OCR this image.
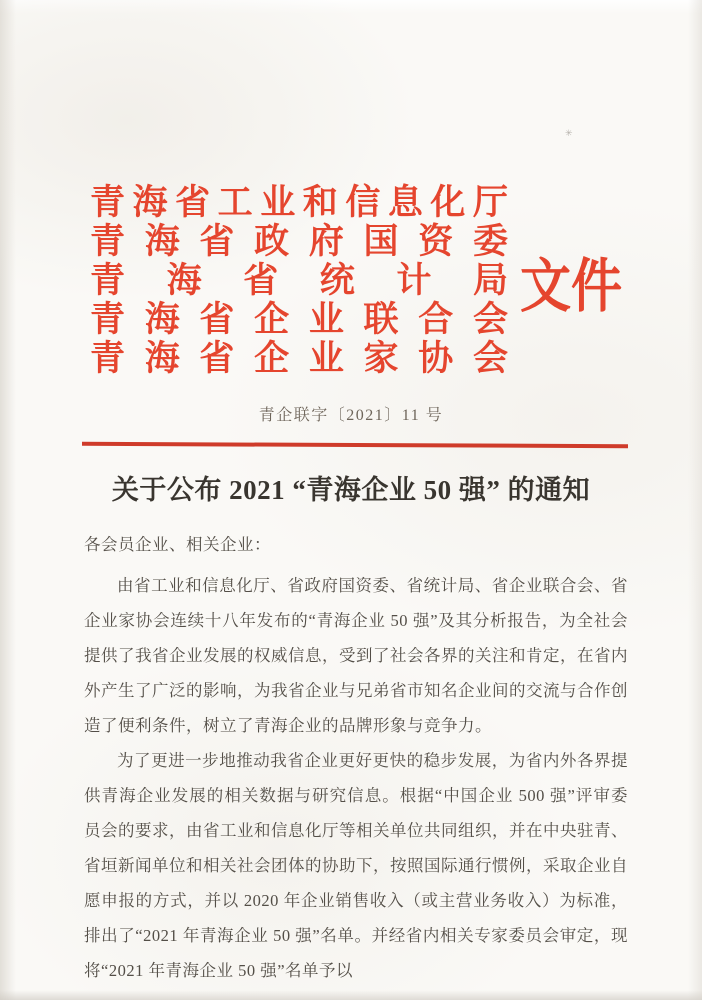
✳
青海省工业和信息化厅
青海省政府国资委
青海省统计局
青海省企业联合会
青海省企业家协会
文件
青企联字〔2021〕11 号
关于公布 2021 “青海企业 50 强” 的通知

各会员企业、相关企业：

由省工业和信息化厅、省政府国资委、省统计局、省企业联合会、省企业家协会连续十八年发布的“青海企业 50 强”及其分析报告，为全社会提供了我省企业发展的权威信息，受到了社会各界的关注和肯定，在省内外产生了广泛的影响，为我省企业与兄弟省市知名企业间的交流与合作创造了便利条件，树立了青海企业的品牌形象与竞争力。

为了更进一步地推动我省企业更好更快的稳步发展，为省内外各界提供青海企业发展的相关数据与研究信息。根据“中国企业 500 强”评审委员会的要求，由省工业和信息化厅等相关单位共同组织，并在中央驻青、省垣新闻单位和相关社会团体的协助下，按照国际通行惯例，采取企业自愿申报的方式，并以 2020 年企业销售收入（或主营业务收入）为标准，排出了“2021 年青海企业 50 强”名单。并经省内相关专家委员会审定，现将“2021 年青海企业 50 强”名单予以
